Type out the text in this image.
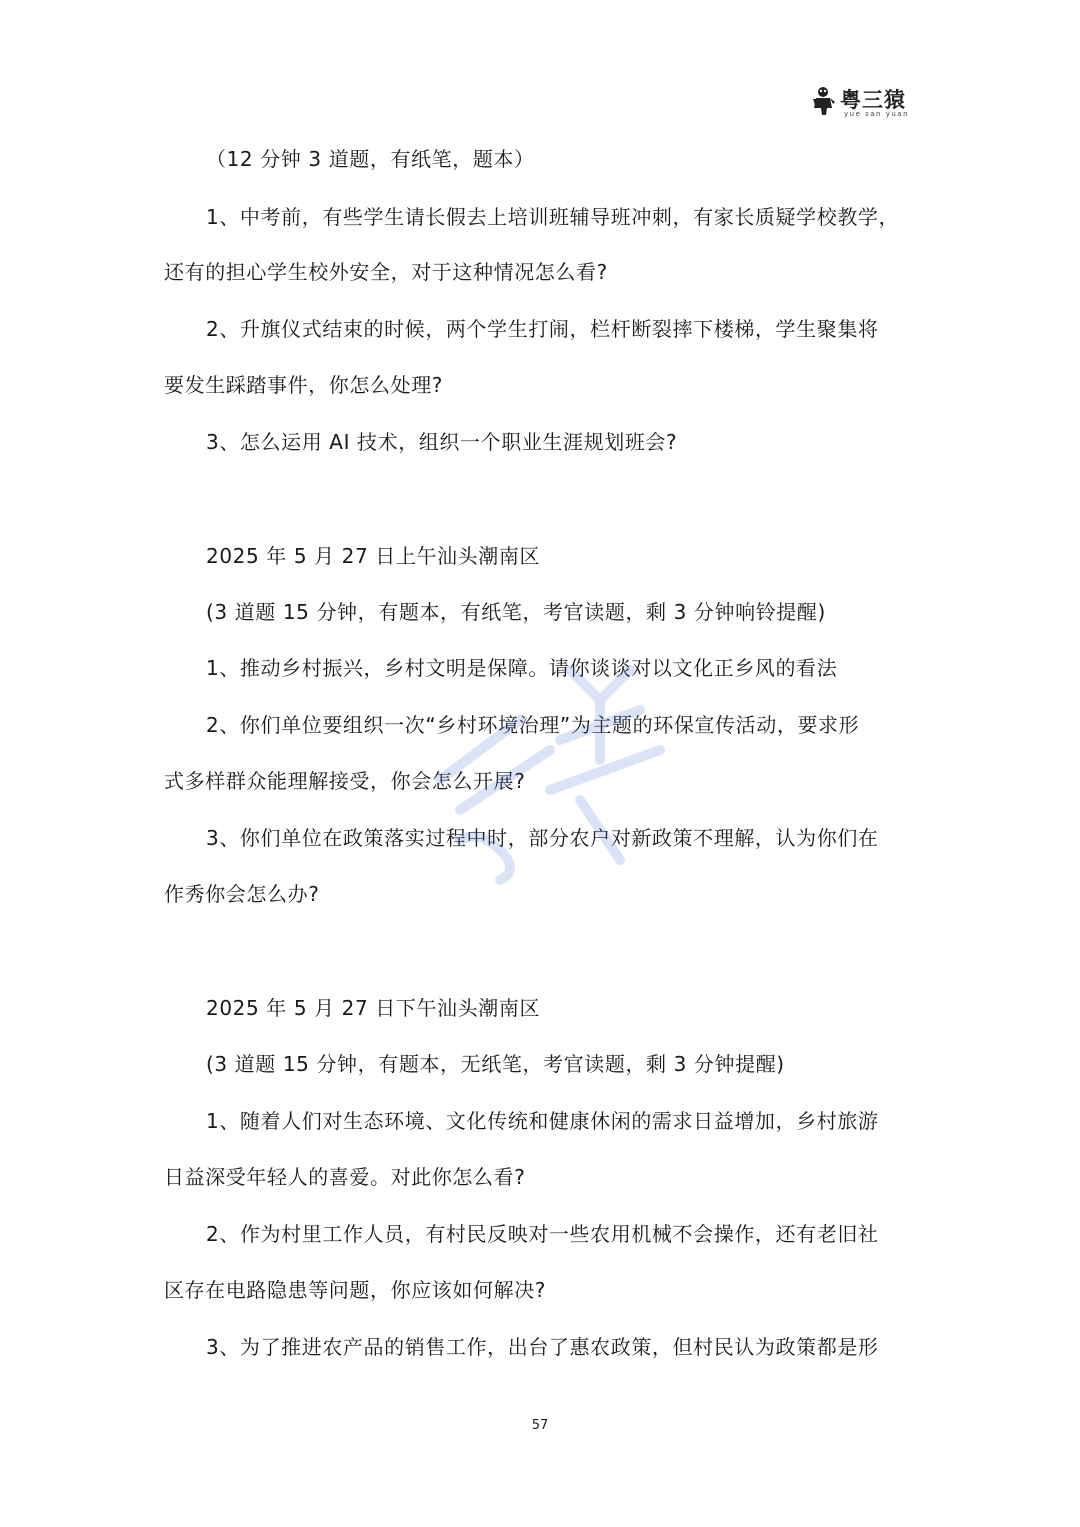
粤三猿
yue san yuan
（12 分钟 3 道题，有纸笔，题本）
1、中考前，有些学生请长假去上培训班辅导班冲刺，有家长质疑学校教学，
还有的担心学生校外安全，对于这种情况怎么看?
2、升旗仪式结束的时候，两个学生打闹，栏杆断裂摔下楼梯，学生聚集将
要发生踩踏事件，你怎么处理?
3、怎么运用 AI 技术，组织一个职业生涯规划班会?
2025 年 5 月 27 日上午汕头潮南区
(3 道题 15 分钟，有题本，有纸笔，考官读题，剩 3 分钟响铃提醒)
1、推动乡村振兴，乡村文明是保障。请你谈谈对以文化正乡风的看法
2、你们单位要组织一次“乡村环境治理”为主题的环保宣传活动，要求形
式多样群众能理解接受，你会怎么开展?
3、你们单位在政策落实过程中时，部分农户对新政策不理解，认为你们在
作秀你会怎么办?
2025 年 5 月 27 日下午汕头潮南区
(3 道题 15 分钟，有题本，无纸笔，考官读题，剩 3 分钟提醒)
1、随着人们对生态环境、文化传统和健康休闲的需求日益增加，乡村旅游
日益深受年轻人的喜爱。对此你怎么看?
2、作为村里工作人员，有村民反映对一些农用机械不会操作，还有老旧社
区存在电路隐患等问题，你应该如何解决?
3、为了推进农产品的销售工作，出台了惠农政策，但村民认为政策都是形
57
